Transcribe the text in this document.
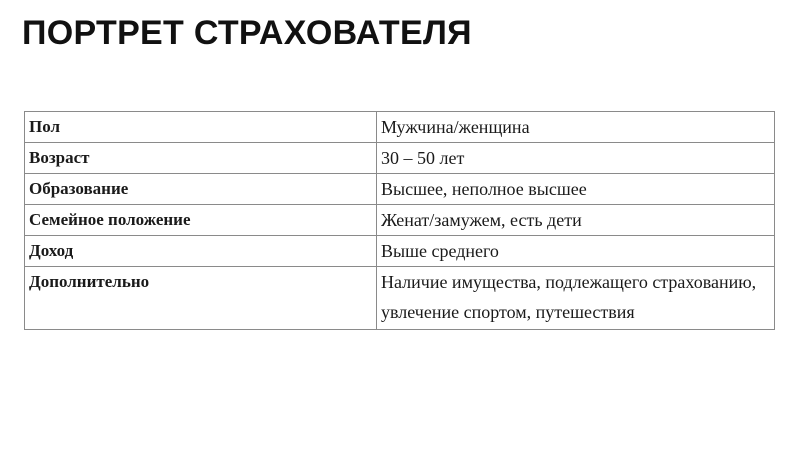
ПОРТРЕТ СТРАХОВАТЕЛЯ
Пол	Мужчина/женщина
Возраст	30 – 50 лет
Образование	Высшее, неполное высшее
Семейное положение	Женат/замужем, есть дети
Доход	Выше среднего
Дополнительно	Наличие имущества, подлежащего страхованию, увлечение спортом, путешествия
